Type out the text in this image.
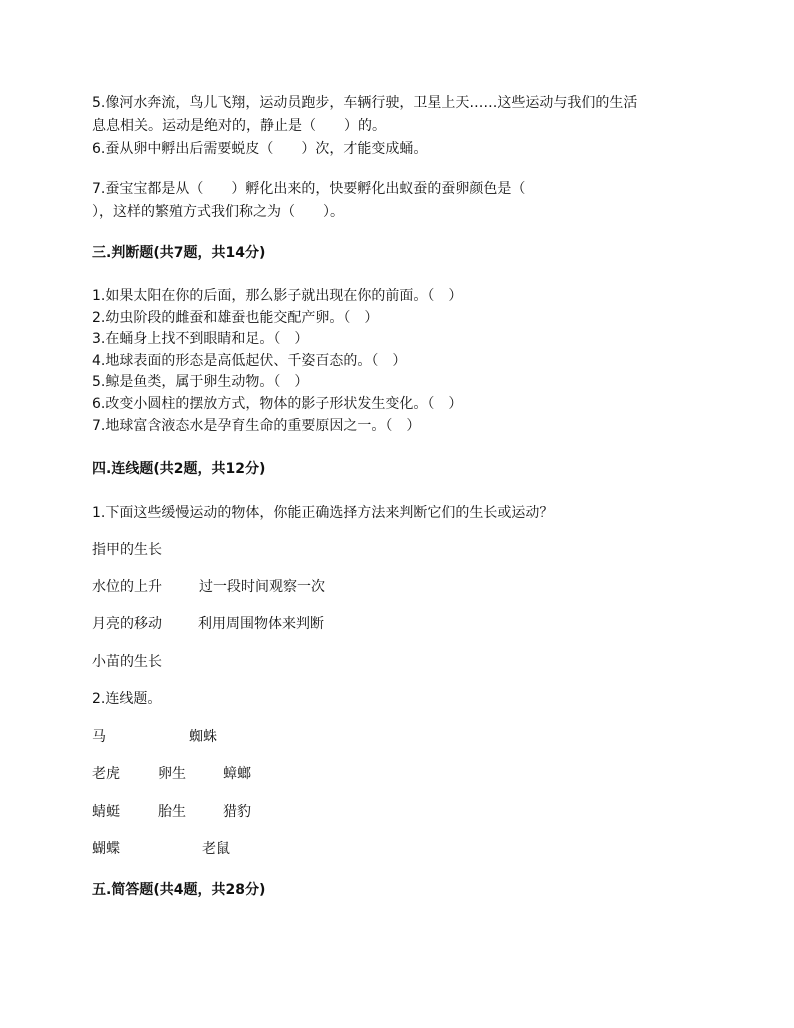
5.像河水奔流，鸟儿飞翔，运动员跑步，车辆行驶，卫星上天……这些运动与我们的生活
息息相关。运动是绝对的，静止是（　　）的。
6.蚕从卵中孵出后需要蜕皮（　　）次，才能变成蛹。
7.蚕宝宝都是从（　　）孵化出来的，快要孵化出蚁蚕的蚕卵颜色是（
），这样的繁殖方式我们称之为（　　）。
三.判断题(共7题，共14分)
1.如果太阳在你的后面，那么影子就出现在你的前面。（　）
2.幼虫阶段的雌蚕和雄蚕也能交配产卵。（　）
3.在蛹身上找不到眼睛和足。（　）
4.地球表面的形态是高低起伏、千姿百态的。（　）
5.鲸是鱼类，属于卵生动物。（　）
6.改变小圆柱的摆放方式，物体的影子形状发生变化。（　）
7.地球富含液态水是孕育生命的重要原因之一。（　）
四.连线题(共2题，共12分)
1.下面这些缓慢运动的物体，你能正确选择方法来判断它们的生长或运动？
指甲的生长
水位的上升	过一段时间观察一次
月亮的移动	利用周围物体来判断
小苗的生长
2.连线题。
马	蜘蛛
老虎	卵生	蟑螂
蜻蜓	胎生	猎豹
蝴蝶	老鼠
五.简答题(共4题，共28分)
